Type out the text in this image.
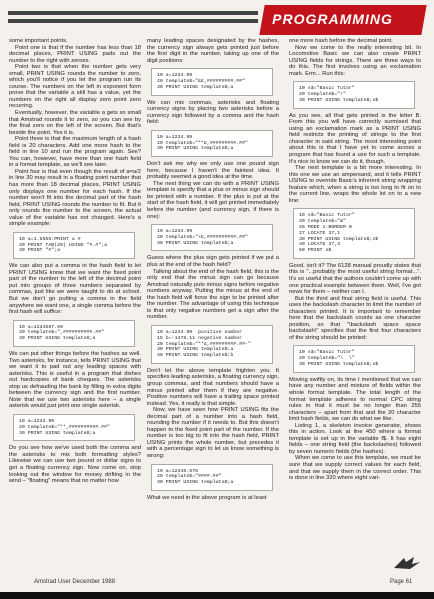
PROGRAMMING

some important points.

Point one is that if the number has less than 18 decimal places, PRINT USING pads out the number to the right with zeroes.

Point two is that when the number gets very small, PRINT USING rounds the number to zero, which you'll notice if you let the program run its course. The numbers on the left in exponent form prove that the variable a still has a value, yet the numbers on the right all display zero point zero recurring.

Eventually, however, the variable a gets so small that Amstrad rounds it to zero, so you can see by the final zero on the left of the screen. But that's beside the point. Yes it is.

Point three is that the maximum length of a hash field is 20 characters. Add one more hash to the field in line 10 and run the program again. See? You can, however, have more than one hash field in a format template, as we'll see later.

Point four is that even though the result of a=a/2 in line 30 may result in a floating point number that has more than 18 decimal places, PRINT USING only displays one number for each hash. If the number won't fit into the decimal part of the hash field, PRINT USING rounds the number to fit. But it only rounds the number to the screen, the actual value of the variable has not changed. Here's a simple example:

10 a=1.5556:PRINT a #
20 PRINT TAB(20) USING "#.#";a
30 PRINT "#";a

We can also put a comma in the hash field to let PRINT USING know that we want the fixed point part of the number to the left of the decimal point put into groups of three numbers separated by commas, just like we were taught to do at school. But we don't go putting a comma in the field anywhere we want one, a single comma before the first hash will suffice:

10 a=1234567.89
20 template$=",##########.##"
30 PRINT USING template$;a

We can put other things before the hashes as well. Two asterisks, for instance, tells PRINT USING that we want it to pad out any leading spaces with asterisks. This is useful in a program that dishes out hardcopies of bank cheques. The asterisks stop us defrauding the bank by filling in extra digits between the currency sign and the first number. Note that we use two asterisks here – a single asterisk would just print one single asterisk.

10 a=1234.99
20 template$="**,##########.##"
30 PRINT USING template$;a

Do you see how we've used both the comma and the asterisks to mix both formatting styles? Likewise we can use two pound or dollar signs to get a floating currency sign. Now come on, stop looking out the window for money drifting in the wind – "floating" means that no matter how

many leading spaces designated by the hashes, the currency sign always gets printed just before the first digit in the number, taking up one of the digit positions:

10 a=1234.99
20 template$="££,#########.##"
30 PRINT USING template$;a

We can mix commas, asterisks and floating currency signs by placing two asterisks before a currency sign followed by a comma and the hash field:

10 a=1234.99
20 template$="**£,#########.##"
30 PRINT USING template$;a

Don't ask me why we only use one pound sign here, because I haven't the faintest idea. It probably seemed a good idea at the time.

The next thing we can do with a PRINT USING template is specify that a plus or minus sign should be printed with a number. If the plus is put at the start of the hash field, it will get printed immediately before the number (and currency sign, if there is one):

10 a=1234.99
20 template$="+£,##########.##"
30 PRINT USING template$;a

Guess where the plus sign gets printed if we put a plus at the end of the hash field?

Talking about the end of the hash field, this is the only end that the minus sign can go because Amstrad naturally puts minus signs before negative numbers anyway. Putting the minus at the end of the hash field will force the sign to be printed after the number. The advantage of using this technique is that only negative numbers get a sign after the number.

10 a=1234.99  positive number
15 b=-1478.11 negative number
20 template$="**£,#########.##-"
30 PRINT USING template$;a
40 PRINT USING template$;b

Don't let the above template frighten you. It specifies leading asterisks, a floating currency sign, group commas, and that numbers should have a minus printed after them if they are negative. Positive numbers will have a trailing space printed instead. Yes, it really is that simple.

Now, we have seen how PRINT USING fits the decimal part of a number into a hash field, rounding the number if it needs to. But this doesn't happen to the fixed point part of the number. If the number is too big to fit into the hash field, PRINT USING prints the whole number, but precedes it with a percentage sign to let us know something is wrong:

10 a=12345.678
20 template$="####.##"
30 PRINT USING template$;a

What we need in the above program is at least

one more hash before the decimal point.

Now we come to the really interesting bit. In Locomotive Basic we can also create PRINT USING fields for strings. There are three ways to do this. The first involves using an exclamation mark. Erm... Run this:

10 s$="Basic Tutor"
20 template$="!"
30 PRINT USING template$;s$

As you see, all that gets printed is the letter B. From this you will have correctly surmised that using an exclamation mark as a PRINT USING field restricts the printing of strings to the first character in said string. The most interesting point about this is that I have yet to come across a program that has found a use for such a template. It's nice to know we can do it, though.

The next template is a bit more interesting. In this one we use an ampersand, and it tells PRINT USING to override Basic's inherent string wrapping feature which, when a string is too long to fit on to the current line, wraps the whole lot on to a new line:

10 s$="Basic Tutor"
20 template$="&"
25 MODE 1:BORDER 0
27 LOCATE 37,1
30 PRINT USING template$;s$
40 LOCATE 37,3
50 PRINT s$

Good, isn't it? The 6128 manual proudly states that this is "...probably the most useful string format...". It's so useful that the authors couldn't come up with one practical example between them. Well, I've got news for them – neither can I.

But the third and final string field is useful. This uses the backslash character to limit the number of characters printed. It is important to remember here that the backslash counts as one character position, so that "\backslash space space backslash\" specifies that the first four characters of the string should be printed:

10 s$="Basic Tutor"
20 template$="\  \"
30 PRINT USING template$;s$

Moving swiftly on, its time I mentioned that we can have any number and mixture of fields within the whole format template. The total length of the format template adheres to normal CPC string rules in that it must be no longer than 255 characters – apart from that and the 20 character limit hash fields, we can do what we like.

Listing 1, a skeleton invoice generator, shows this in action. Look at line 450 where a format template is set up in the variable f$. It has eight fields – one string field (the backslashes) followed by seven numeric fields (the hashes).

When we come to use this template, we must be sure that we supply correct values for each field, and that we supply them in the correct order. This is done in line 320 where eight vari-

Amstrad User December 1988	Page 61
